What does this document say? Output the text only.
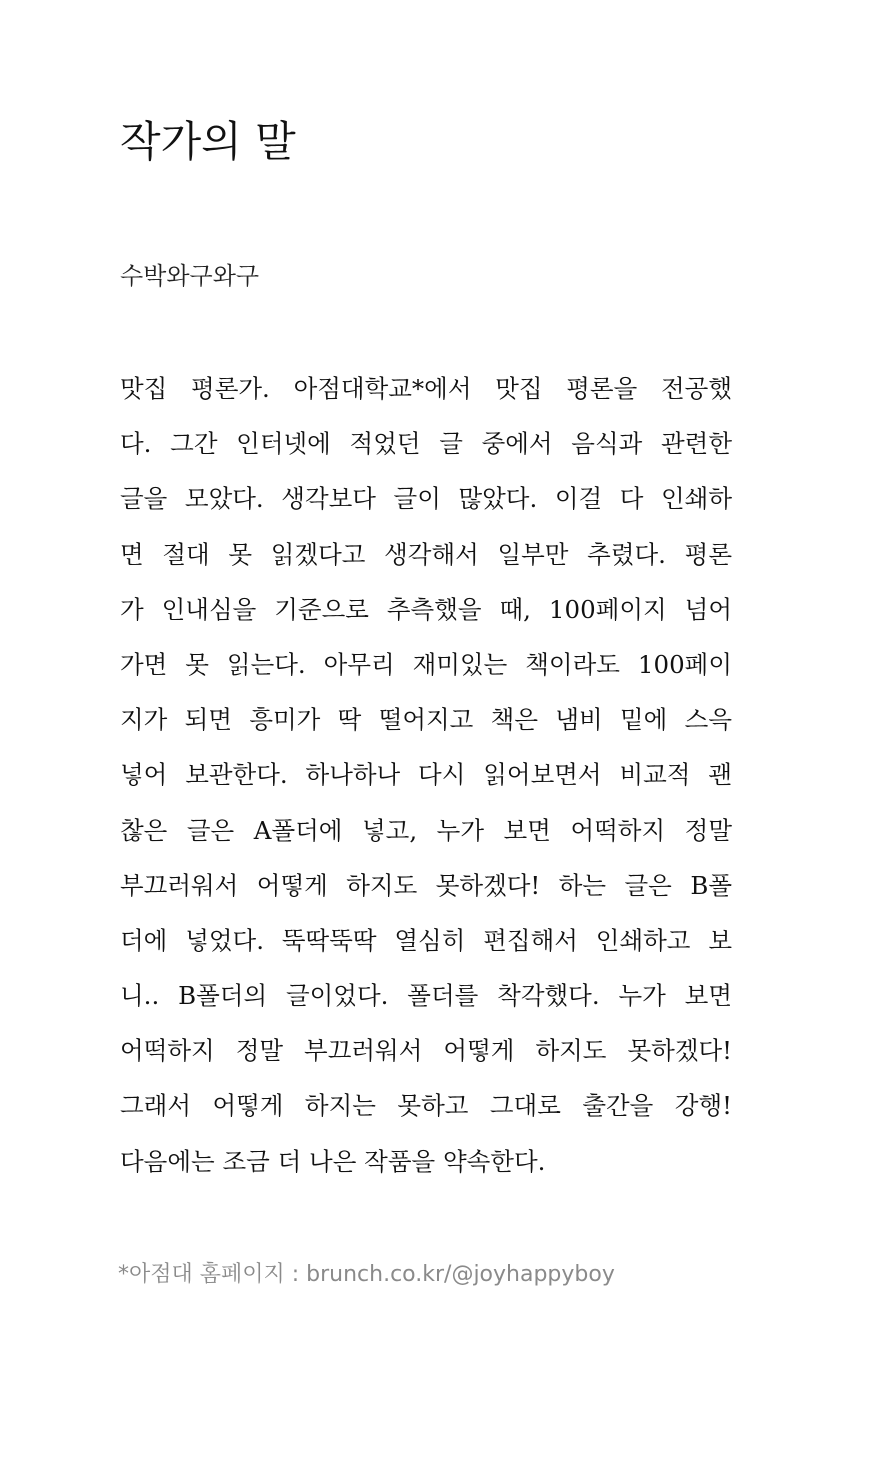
작가의 말

수박와구와구

맛집 평론가. 아점대학교*에서 맛집 평론을 전공했
다. 그간 인터넷에 적었던 글 중에서 음식과 관련한
글을 모았다. 생각보다 글이 많았다. 이걸 다 인쇄하
면 절대 못 읽겠다고 생각해서 일부만 추렸다. 평론
가 인내심을 기준으로 추측했을 때, 100페이지 넘어
가면 못 읽는다. 아무리 재미있는 책이라도 100페이
지가 되면 흥미가 딱 떨어지고 책은 냄비 밑에 스윽
넣어 보관한다. 하나하나 다시 읽어보면서 비교적 괜
찮은 글은 A폴더에 넣고, 누가 보면 어떡하지 정말
부끄러워서 어떻게 하지도 못하겠다! 하는 글은 B폴
더에 넣었다. 뚝딱뚝딱 열심히 편집해서 인쇄하고 보
니.. B폴더의 글이었다. 폴더를 착각했다. 누가 보면
어떡하지 정말 부끄러워서 어떻게 하지도 못하겠다!
그래서 어떻게 하지는 못하고 그대로 출간을 강행!
다음에는 조금 더 나은 작품을 약속한다.

*아점대 홈페이지 : brunch.co.kr/@joyhappyboy
